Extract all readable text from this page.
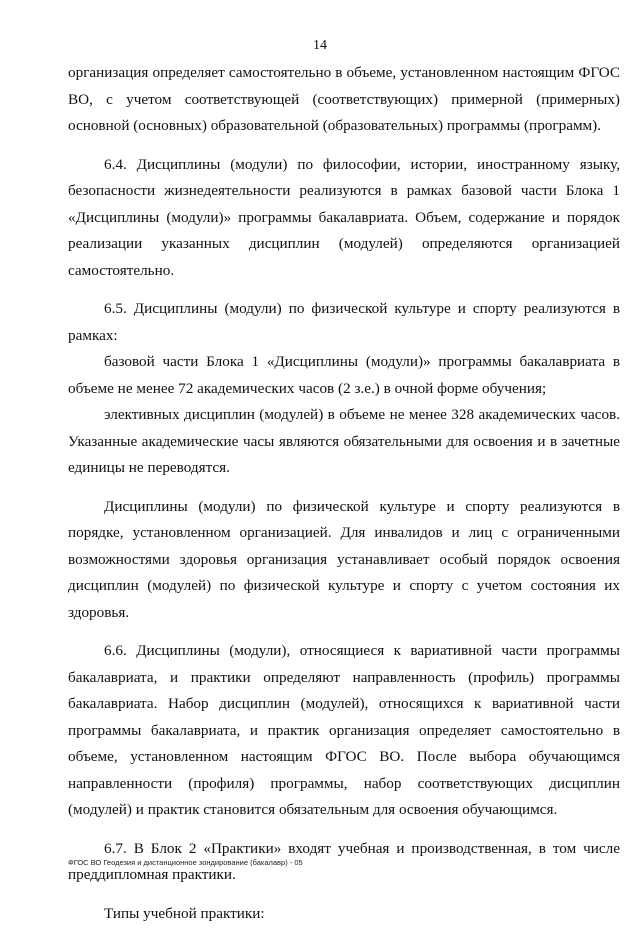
14

организация определяет самостоятельно в объеме, установленном настоящим ФГОС ВО, с учетом соответствующей (соответствующих) примерной (примерных) основной (основных) образовательной (образовательных) программы (программ).

6.4. Дисциплины (модули) по философии, истории, иностранному языку, безопасности жизнедеятельности реализуются в рамках базовой части Блока 1 «Дисциплины (модули)» программы бакалавриата. Объем, содержание и порядок реализации указанных дисциплин (модулей) определяются организацией самостоятельно.

6.5. Дисциплины (модули) по физической культуре и спорту реализуются в рамках:

базовой части Блока 1 «Дисциплины (модули)» программы бакалавриата в объеме не менее 72 академических часов (2 з.е.) в очной форме обучения;

элективных дисциплин (модулей) в объеме не менее 328 академических часов. Указанные академические часы являются обязательными для освоения и в зачетные единицы не переводятся.

Дисциплины (модули) по физической культуре и спорту реализуются в порядке, установленном организацией. Для инвалидов и лиц с ограниченными возможностями здоровья организация устанавливает особый порядок освоения дисциплин (модулей) по физической культуре и спорту с учетом состояния их здоровья.

6.6. Дисциплины (модули), относящиеся к вариативной части программы бакалавриата, и практики определяют направленность (профиль) программы бакалавриата. Набор дисциплин (модулей), относящихся к вариативной части программы бакалавриата, и практик организация определяет самостоятельно в объеме, установленном настоящим ФГОС ВО. После выбора обучающимся направленности (профиля) программы, набор соответствующих дисциплин (модулей) и практик становится обязательным для освоения обучающимся.

6.7. В Блок 2 «Практики» входят учебная и производственная, в том числе преддипломная практики.

Типы учебной практики:

ФГОС ВО Геодезия и дистанционное зондирование (бакалавр) - 05
